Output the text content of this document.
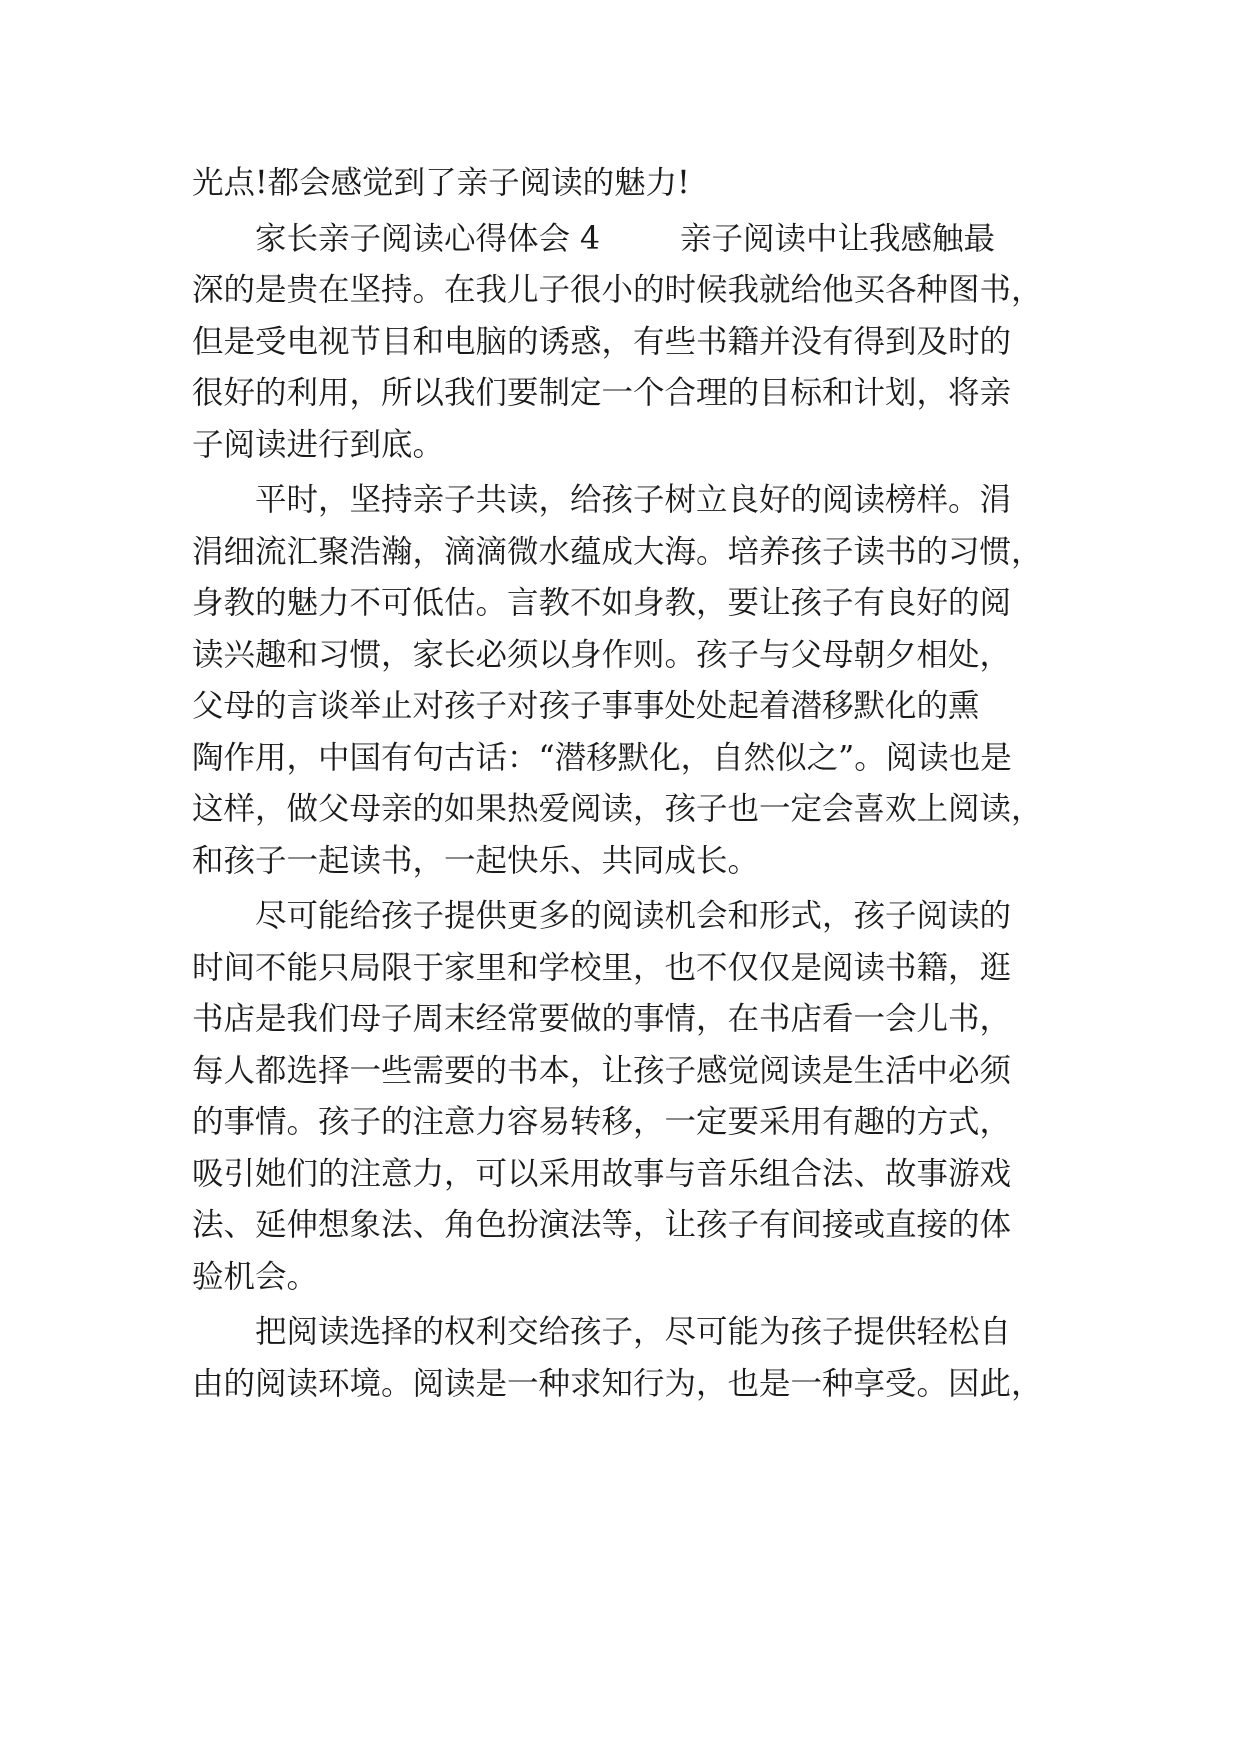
光点!都会感觉到了亲子阅读的魅力!
家长亲子阅读心得体会 4	亲子阅读中让我感触最
深的是贵在坚持。在我儿子很小的时候我就给他买各种图书，
但是受电视节目和电脑的诱惑，有些书籍并没有得到及时的
很好的利用，所以我们要制定一个合理的目标和计划，将亲
子阅读进行到底。
平时，坚持亲子共读，给孩子树立良好的阅读榜样。涓
涓细流汇聚浩瀚，滴滴微水蕴成大海。培养孩子读书的习惯，
身教的魅力不可低估。言教不如身教，要让孩子有良好的阅
读兴趣和习惯，家长必须以身作则。孩子与父母朝夕相处，
父母的言谈举止对孩子对孩子事事处处起着潜移默化的熏
陶作用，中国有句古话：“潜移默化，自然似之”。阅读也是
这样，做父母亲的如果热爱阅读，孩子也一定会喜欢上阅读，
和孩子一起读书，一起快乐、共同成长。
尽可能给孩子提供更多的阅读机会和形式，孩子阅读的
时间不能只局限于家里和学校里，也不仅仅是阅读书籍，逛
书店是我们母子周末经常要做的事情，在书店看一会儿书，
每人都选择一些需要的书本，让孩子感觉阅读是生活中必须
的事情。孩子的注意力容易转移，一定要采用有趣的方式，
吸引她们的注意力，可以采用故事与音乐组合法、故事游戏
法、延伸想象法、角色扮演法等，让孩子有间接或直接的体
验机会。
把阅读选择的权利交给孩子，尽可能为孩子提供轻松自
由的阅读环境。阅读是一种求知行为，也是一种享受。因此，
